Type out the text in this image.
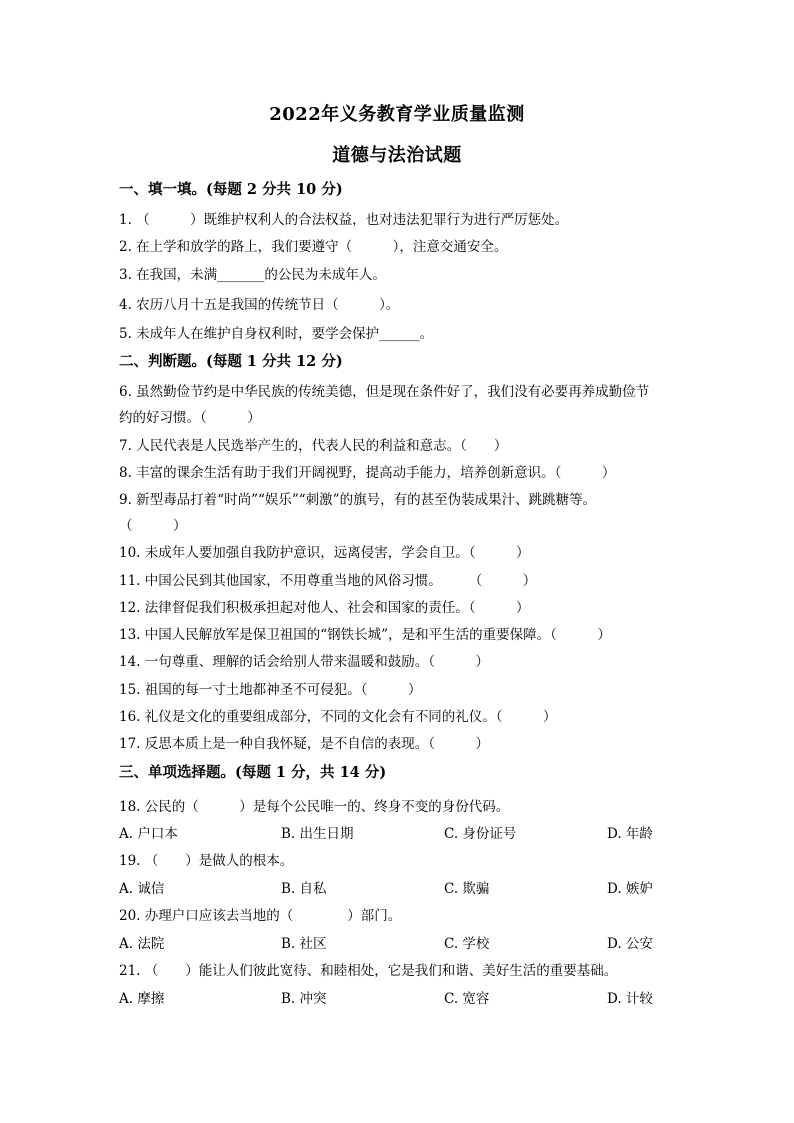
2022年义务教育学业质量监测
道德与法治试题
一、填一填。(每题 2 分共 10 分)
1. （　　　）既维护权利人的合法权益，也对违法犯罪行为进行严厉惩处。
2. 在上学和放学的路上，我们要遵守（　　　），注意交通安全。
3. 在我国，未满_______的公民为未成年人。
4. 农历八月十五是我国的传统节日（　　　）。
5. 未成年人在维护自身权利时，要学会保护______。
二、判断题。(每题 1 分共 12 分)
6. 虽然勤俭节约是中华民族的传统美德，但是现在条件好了，我们没有必要再养成勤俭节
约的好习惯。（　　　）
7. 人民代表是人民选举产生的，代表人民的利益和意志。（　　）
8. 丰富的课余生活有助于我们开阔视野，提高动手能力，培养创新意识。（　　　）
9. 新型毒品打着“时尚”“娱乐”“刺激”的旗号，有的甚至伪装成果汁、跳跳糖等。
（　　　）
10. 未成年人要加强自我防护意识，远离侵害，学会自卫。（　　　）
11. 中国公民到其他国家，不用尊重当地的风俗习惯。　　　（　　　）
12. 法律督促我们积极承担起对他人、社会和国家的责任。（　　　）
13. 中国人民解放军是保卫祖国的“钢铁长城”，是和平生活的重要保障。（　　　）
14. 一句尊重、理解的话会给别人带来温暖和鼓励。（　　　）
15. 祖国的每一寸土地都神圣不可侵犯。（　　　）
16. 礼仪是文化的重要组成部分，不同的文化会有不同的礼仪。（　　　）
17. 反思本质上是一种自我怀疑，是不自信的表现。（　　　）
三、单项选择题。(每题 1 分，共 14 分)
18. 公民的（　　　）是每个公民唯一的、终身不变的身份代码。
A. 户口本	B. 出生日期	C. 身份证号	D. 年龄
19. （　　）是做人的根本。
A. 诚信	B. 自私	C. 欺骗	D. 嫉妒
20. 办理户口应该去当地的（　　　　）部门。
A. 法院	B. 社区	C. 学校	D. 公安
21. （　　）能让人们彼此宽待、和睦相处，它是我们和谐、美好生活的重要基础。
A. 摩擦	B. 冲突	C. 宽容	D. 计较
